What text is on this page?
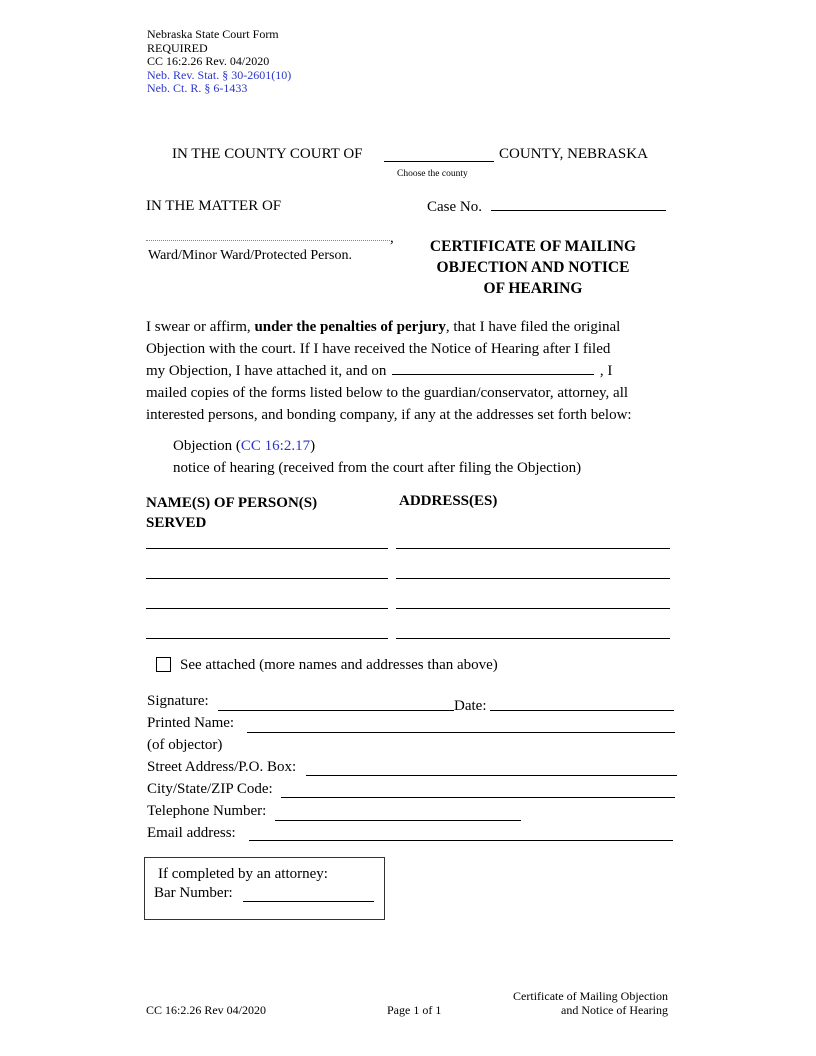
Nebraska State Court Form
REQUIRED
CC 16:2.26 Rev. 04/2020
Neb. Rev. Stat. § 30-2601(10)
Neb. Ct. R. § 6-1433
IN THE COUNTY COURT OF	COUNTY, NEBRASKA
Choose the county
IN THE MATTER OF	Case No.
,
Ward/Minor Ward/Protected Person.
CERTIFICATE OF MAILING
OBJECTION AND NOTICE
OF HEARING
I swear or affirm, under the penalties of perjury, that I have filed the original
Objection with the court. If I have received the Notice of Hearing after I filed
my Objection, I have attached it, and on	, I
mailed copies of the forms listed below to the guardian/conservator, attorney, all
interested persons, and bonding company, if any at the addresses set forth below:
Objection (CC 16:2.17)
notice of hearing (received from the court after filing the Objection)
NAME(S) OF PERSON(S)
SERVED
ADDRESS(ES)
See attached (more names and addresses than above)
Signature:	Date:
Printed Name:
(of objector)
Street Address/P.O. Box:
City/State/ZIP Code:
Telephone Number:
Email address:
If completed by an attorney:
Bar Number:
CC 16:2.26 Rev 04/2020	Page 1 of 1
Certificate of Mailing Objection
and Notice of Hearing
